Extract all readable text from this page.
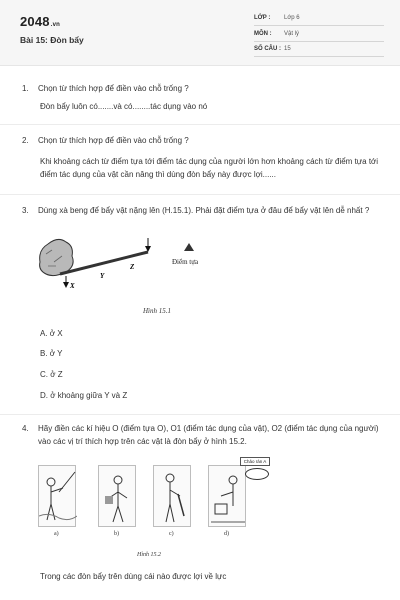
2048.vn
Bài 15: Đòn bẩy
LỚP : Lớp 6
MÔN : Vật lý
SỐ CÂU : 15
1. Chọn từ thích hợp để điền vào chỗ trống ?
Đòn bẩy luôn có.......và có........tác dụng vào nó
2. Chọn từ thích hợp để điền vào chỗ trống ?
Khi khoảng cách từ điểm tựa tới điểm tác dụng của người lớn hơn khoảng cách từ điểm tựa tới điểm tác dụng của vật cần nâng thì dùng đòn bẩy này được lợi......
3. Dùng xà beng để bẩy vật nặng lên (H.15.1). Phải đặt điểm tựa ở đâu để bẩy vật lên dễ nhất ?
X
Y
Z
Điểm tựa
Hình 15.1
A. ở X
B. ở Y
C. ở Z
D. ở khoảng giữa Y và Z
4. Hãy điền các kí hiệu O (điểm tựa O), O1 (điểm tác dụng của vật), O2 (điểm tác dụng của người) vào các vị trí thích hợp trên các vật là đòn bẩy ở hình 15.2.
a)	b)	c)	d)
Chảo rán A
Hình 15.2
Trong các đòn bẩy trên dùng cái nào được lợi về lực
